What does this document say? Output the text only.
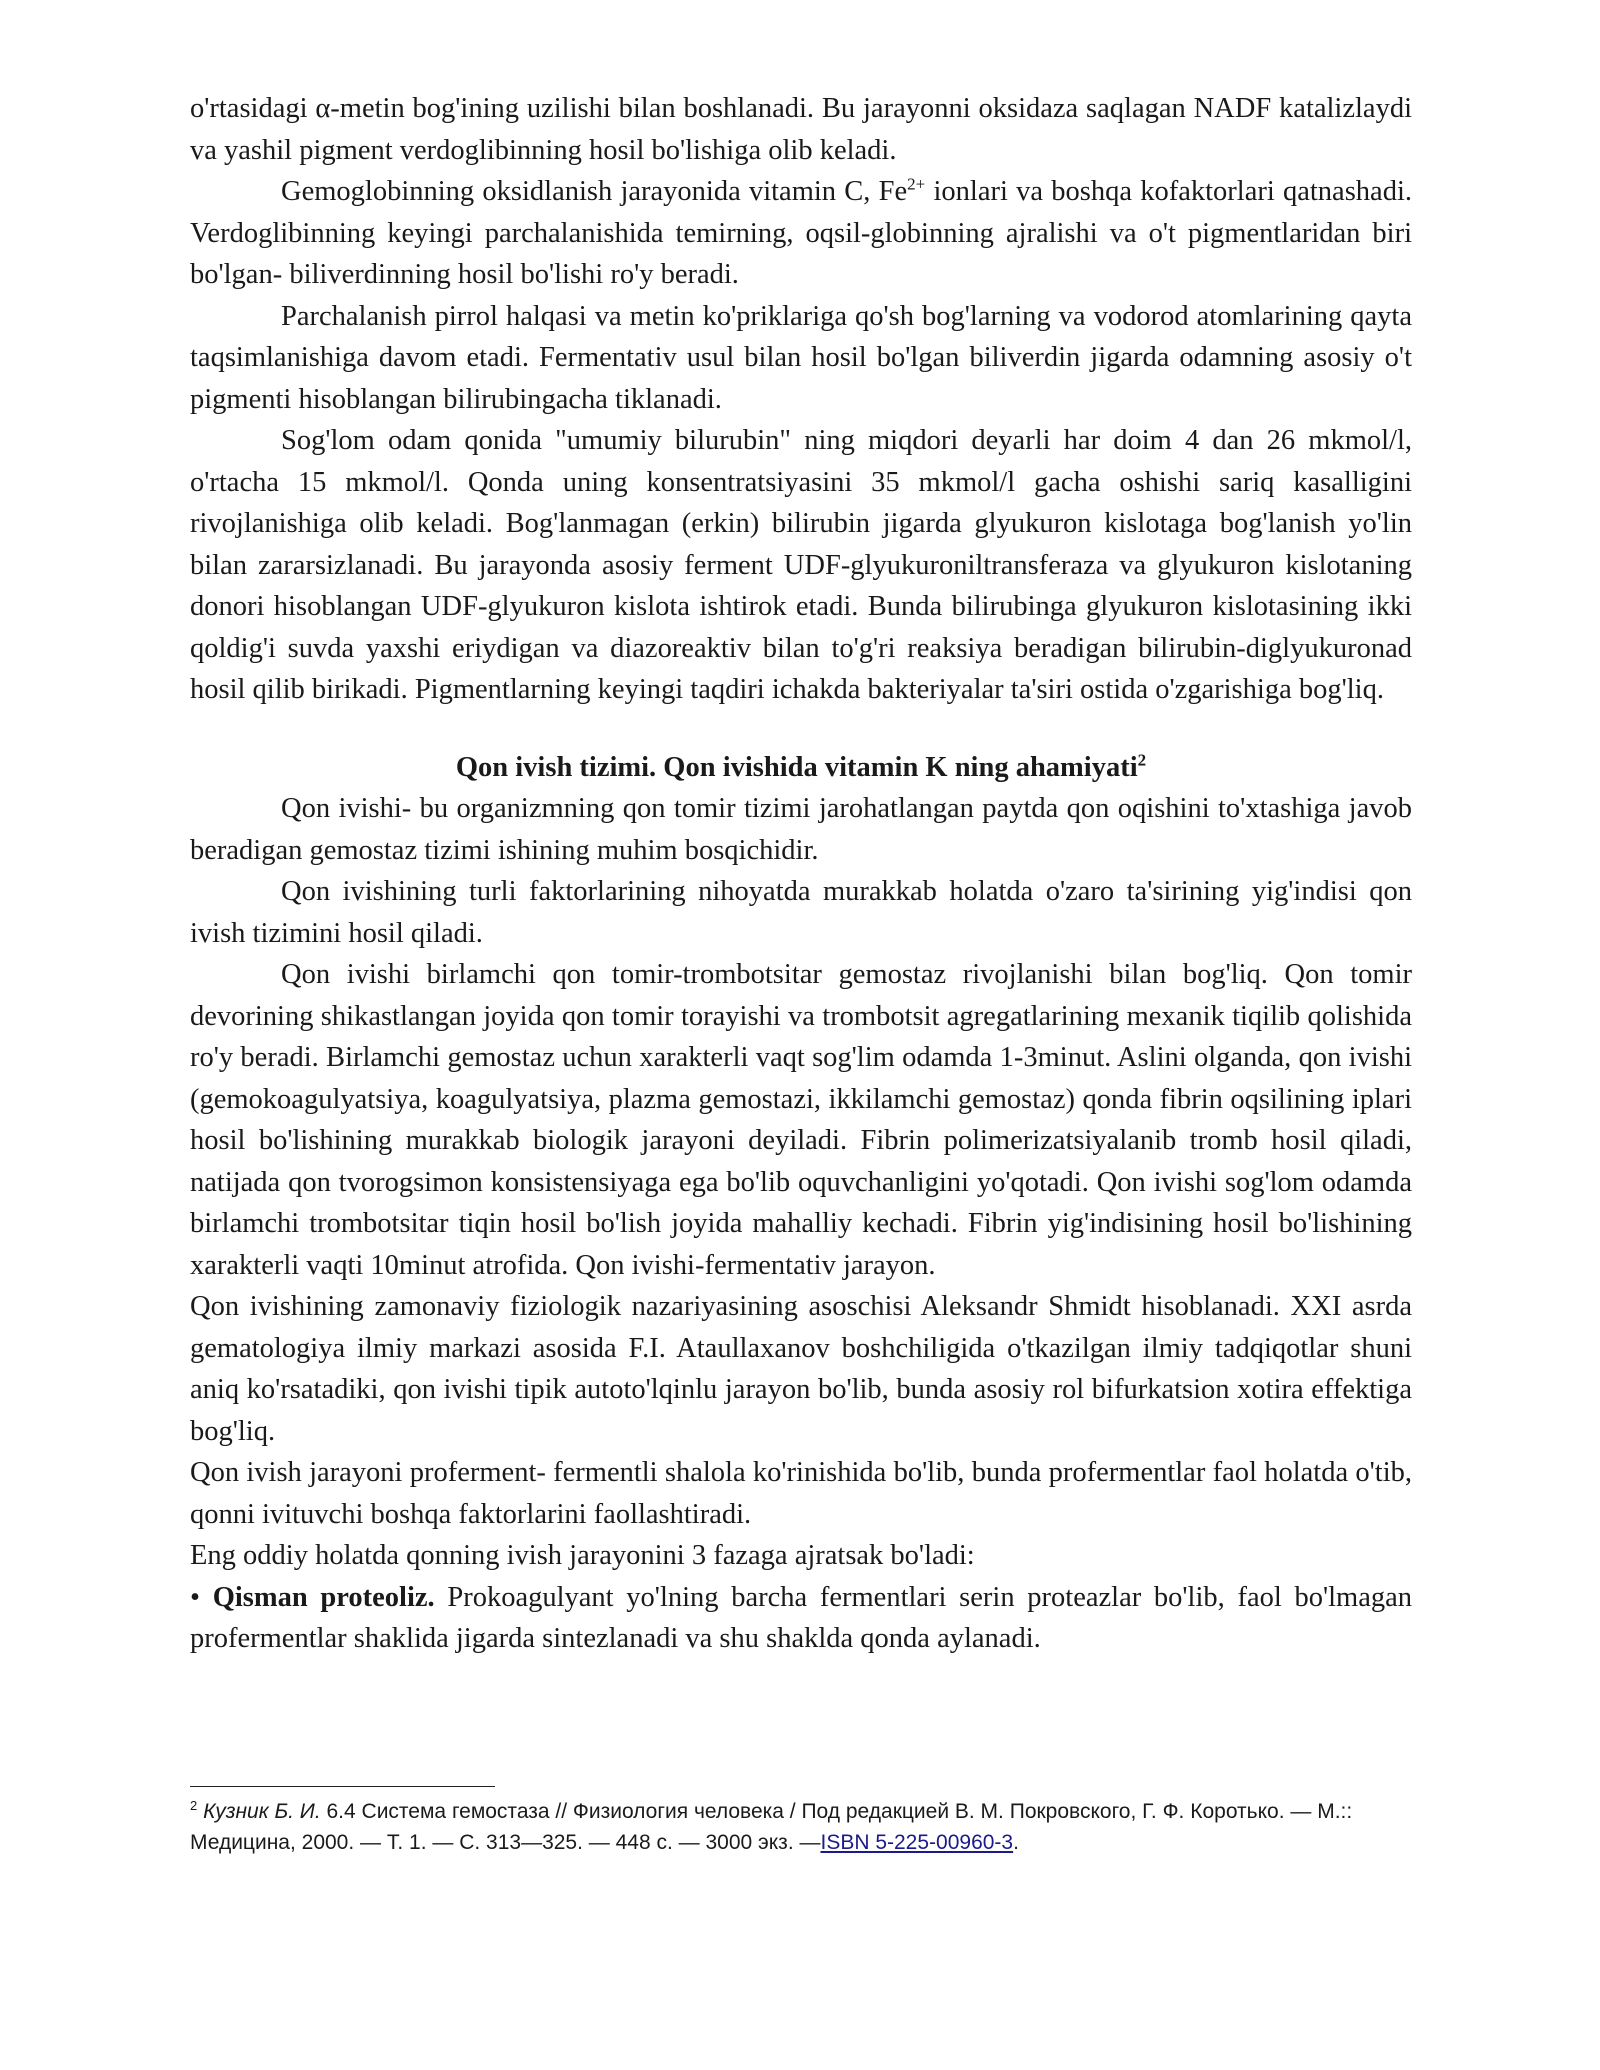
o'rtasidagi α-metin bog'ining uzilishi bilan boshlanadi. Bu jarayonni oksidaza saqlagan NADF katalizlaydi va yashil pigment verdoglibinning hosil bo'lishiga olib keladi.

Gemoglobinning oksidlanish jarayonida vitamin C, $Fe^{2+}$ ionlari va boshqa kofaktorlari qatnashadi. Verdoglibinning keyingi parchalanishida temirning, oqsil-globinning ajralishi va o't pigmentlaridan biri bo'lgan- biliverdinning hosil bo'lishi ro'y beradi.

Parchalanish pirrol halqasi va metin ko'priklariga qo'sh bog'larning va vodorod atomlarining qayta taqsimlanishiga davom etadi. Fermentativ usul bilan hosil bo'lgan biliverdin jigarda odamning asosiy o't pigmenti hisoblangan bilirubingacha tiklanadi.

Sog'lom odam qonida "umumiy bilurubin" ning miqdori deyarli har doim 4 dan 26 mkmol/l, o'rtacha 15 mkmol/l. Qonda uning konsentratsiyasini 35 mkmol/l gacha oshishi sariq kasalligini rivojlanishiga olib keladi. Bog'lanmagan (erkin) bilirubin jigarda glyukuron kislotaga bog'lanish yo'lin bilan zararsizlanadi. Bu jarayonda asosiy ferment UDF-glyukuroniltransferaza va glyukuron kislotaning donori hisoblangan UDF-glyukuron kislota ishtirok etadi. Bunda bilirubinga glyukuron kislotasining ikki qoldig'i suvda yaxshi eriydigan va diazoreaktiv bilan to'g'ri reaksiya beradigan bilirubin-diglyukuronad hosil qilib birikadi. Pigmentlarning keyingi taqdiri ichakda bakteriyalar ta'siri ostida o'zgarishiga bog'liq.

Qon ivish tizimi. Qon ivishida vitamin K ning ahamiyati$^2$

Qon ivishi- bu organizmning qon tomir tizimi jarohatlangan paytda qon oqishini to'xtashiga javob beradigan gemostaz tizimi ishining muhim bosqichidir.

Qon ivishining turli faktorlarining nihoyatda murakkab holatda o'zaro ta'sirining yig'indisi qon ivish tizimini hosil qiladi.

Qon ivishi birlamchi qon tomir-trombotsitar gemostaz rivojlanishi bilan bog'liq. Qon tomir devorining shikastlangan joyida qon tomir torayishi va trombotsit agregatlarining mexanik tiqilib qolishida ro'y beradi. Birlamchi gemostaz uchun xarakterli vaqt sog'lim odamda 1-3minut. Aslini olganda, qon ivishi (gemokoagulyatsiya, koagulyatsiya, plazma gemostazi, ikkilamchi gemostaz) qonda fibrin oqsilining iplari hosil bo'lishining murakkab biologik jarayoni deyiladi. Fibrin polimerizatsiyalanib tromb hosil qiladi, natijada qon tvorogsimon konsistensiyaga ega bo'lib oquvchanligini yo'qotadi. Qon ivishi sog'lom odamda birlamchi trombotsitar tiqin hosil bo'lish joyida mahalliy kechadi. Fibrin yig'indisining hosil bo'lishining xarakterli vaqti 10minut atrofida. Qon ivishi-fermentativ jarayon.

Qon ivishining zamonaviy fiziologik nazariyasining asoschisi Aleksandr Shmidt hisoblanadi. XXI asrda gematologiya ilmiy markazi asosida F.I. Ataullaxanov boshchiligida o'tkazilgan ilmiy tadqiqotlar shuni aniq ko'rsatadiki, qon ivishi tipik autoto'lqinlu jarayon bo'lib, bunda asosiy rol bifurkatsion xotira effektiga bog'liq.

Qon ivish jarayoni proferment- fermentli shalola ko'rinishida bo'lib, bunda profermentlar faol holatda o'tib, qonni ivituvchi boshqa faktorlarini faollashtiradi.

Eng oddiy holatda qonning ivish jarayonini 3 fazaga ajratsak bo'ladi:

• Qisman proteoliz. Prokoagulyant yo'lning barcha fermentlari serin proteazlar bo'lib, faol bo'lmagan profermentlar shaklida jigarda sintezlanadi va shu shaklda qonda aylanadi.

$^2$ Кузник Б. И. 6.4 Система гемостаза // Физиология человека / Под редакцией В. М. Покровского, Г. Ф. Коротько. — М.:: Медицина, 2000. — Т. 1. — С. 313—325. — 448 с. — 3000 экз. —ISBN 5-225-00960-3.
